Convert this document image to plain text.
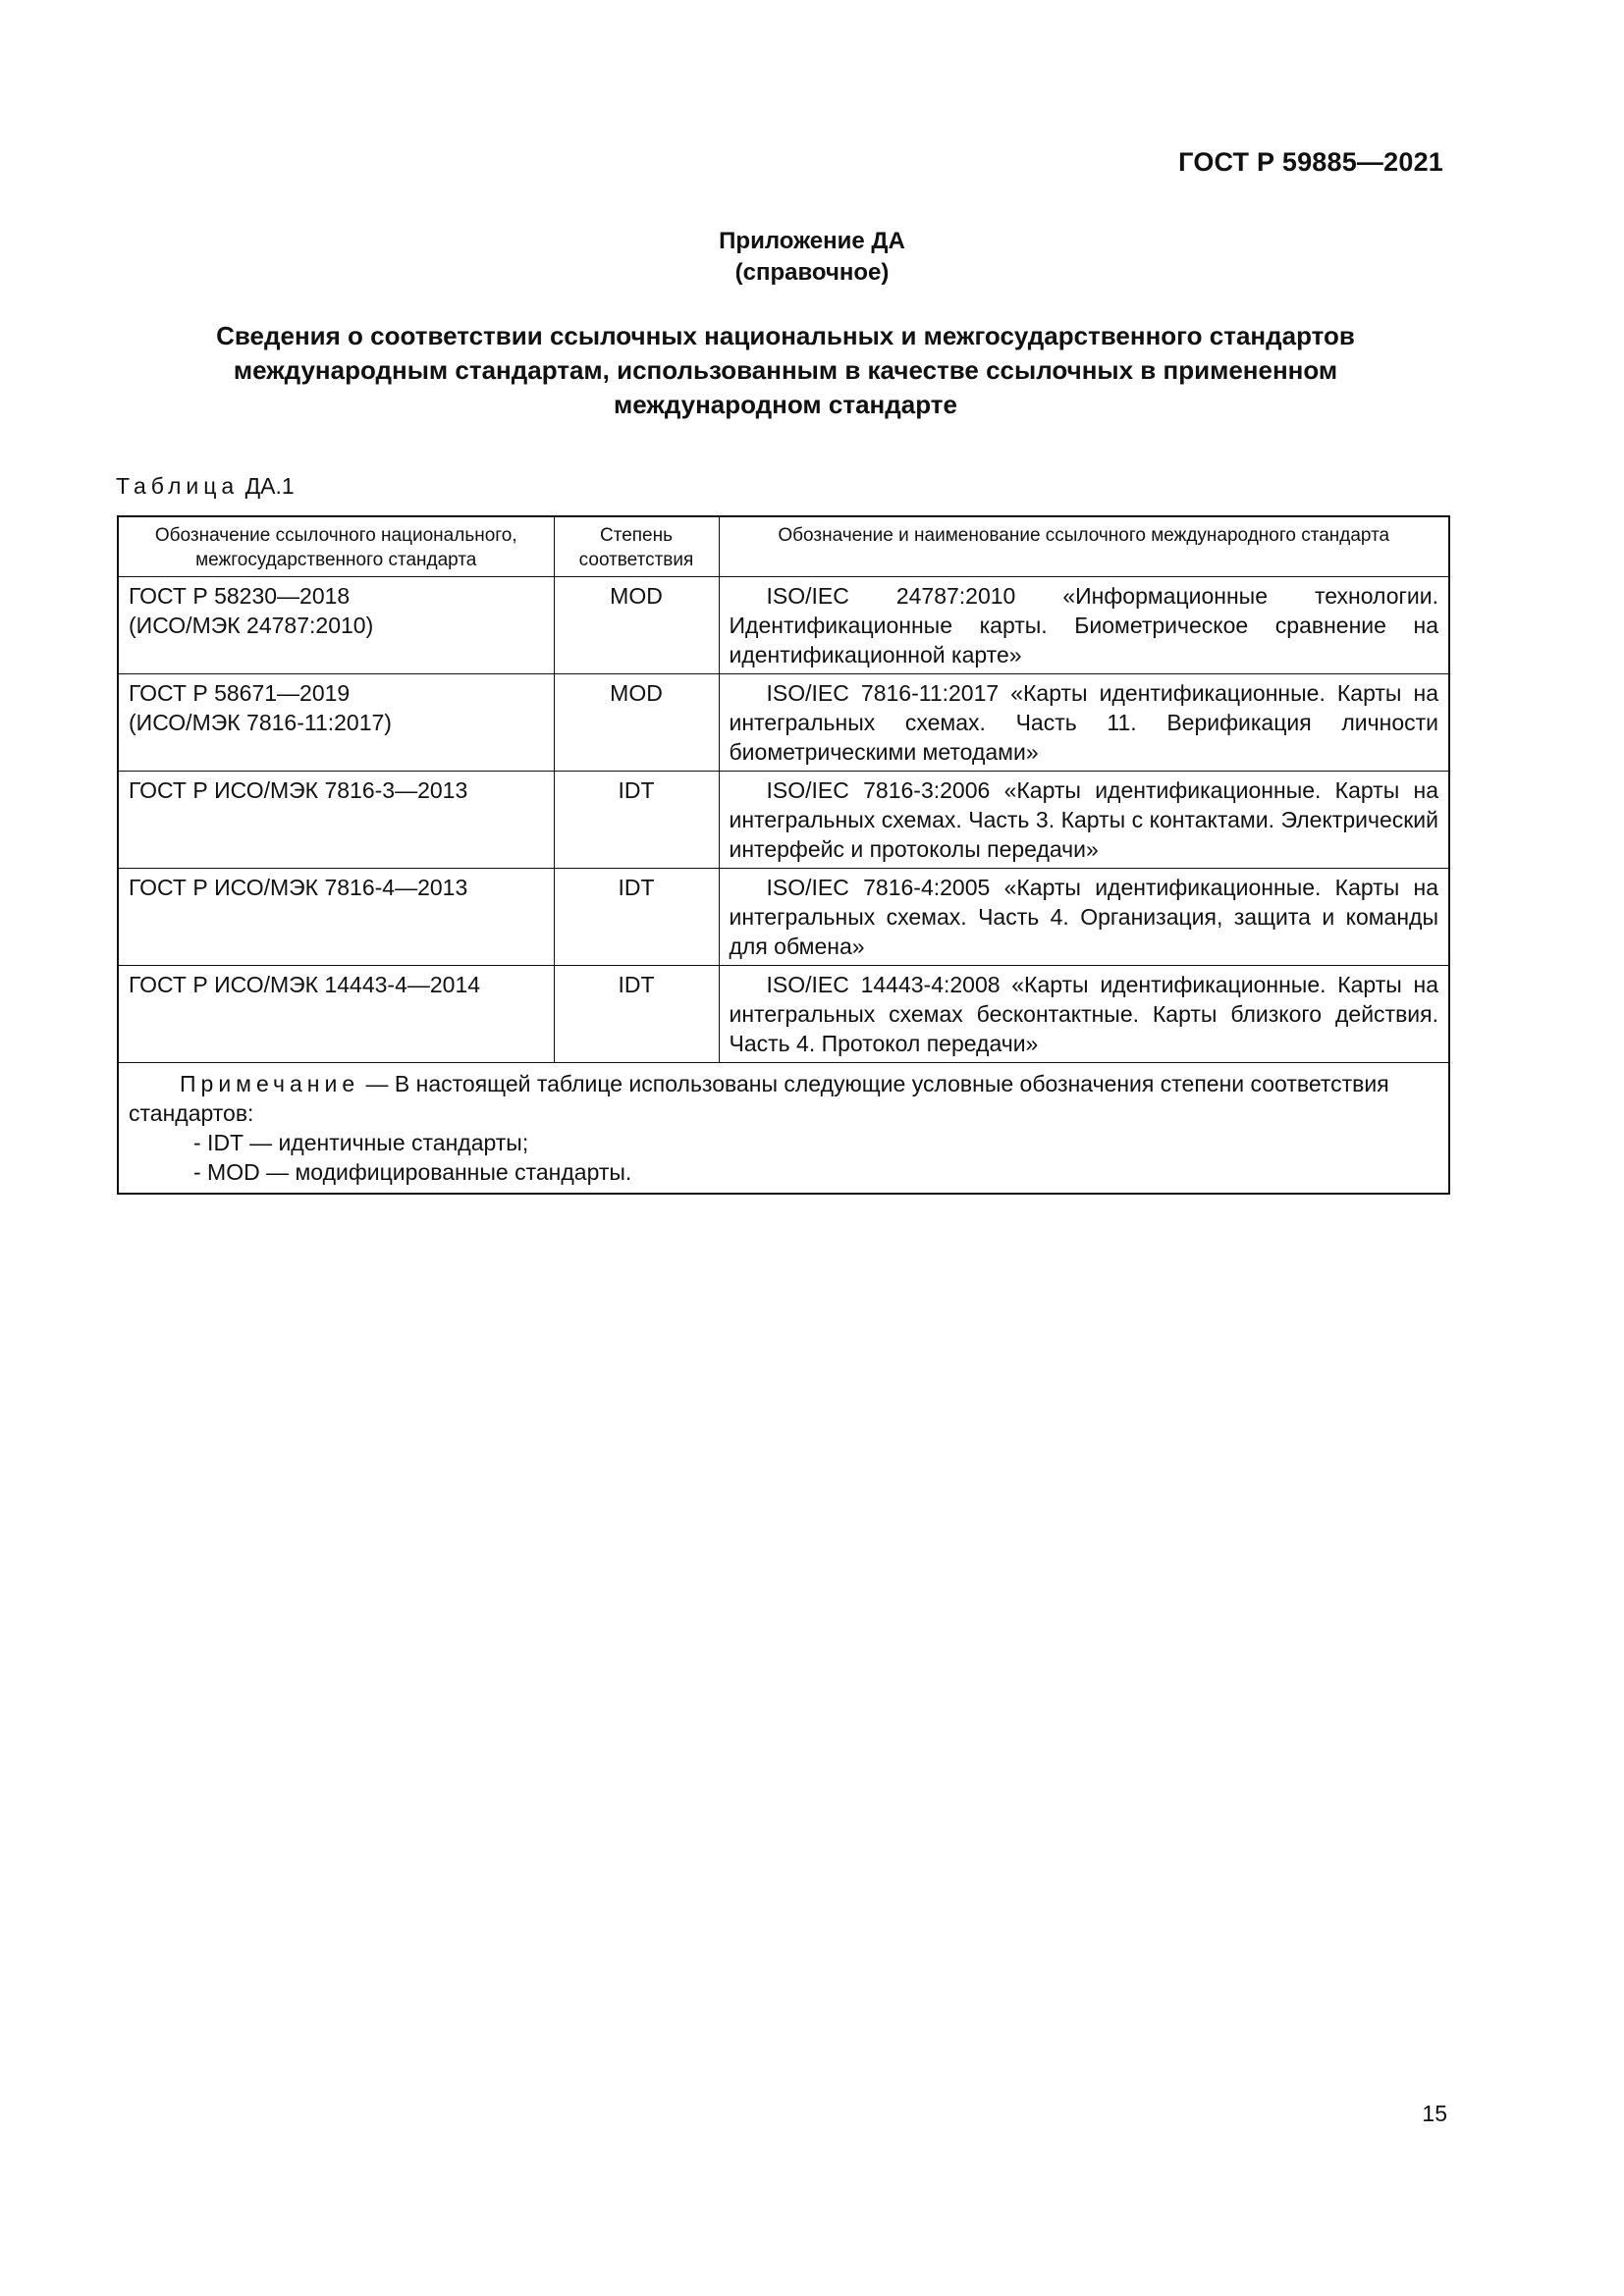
ГОСТ Р 59885—2021
Приложение ДА
(справочное)
Сведения о соответствии ссылочных национальных и межгосударственного стандартов
международным стандартам, использованным в качестве ссылочных в примененном
международном стандарте
Таблица ДА.1
Обозначение ссылочного национального, межгосударственного стандарта	Степень соответствия	Обозначение и наименование ссылочного международного стандарта

ГОСТ Р 58230—2018
(ИСО/МЭК 24787:2010)	MOD	ISO/IEC 24787:2010 «Информационные технологии. Идентификационные карты. Биометрическое сравнение на идентификационной карте»

ГОСТ Р 58671—2019
(ИСО/МЭК 7816-11:2017)	MOD	ISO/IEC 7816-11:2017 «Карты идентификационные. Карты на интегральных схемах. Часть 11. Верификация личности биометрическими методами»

ГОСТ Р ИСО/МЭК 7816-3—2013	IDT	ISO/IEC 7816-3:2006 «Карты идентификационные. Карты на интегральных схемах. Часть 3. Карты с контактами. Электрический интерфейс и протоколы передачи»

ГОСТ Р ИСО/МЭК 7816-4—2013	IDT	ISO/IEC 7816-4:2005 «Карты идентификационные. Карты на интегральных схемах. Часть 4. Организация, защита и команды для обмена»

ГОСТ Р ИСО/МЭК 14443-4—2014	IDT	ISO/IEC 14443-4:2008 «Карты идентификационные. Карты на интегральных схемах бесконтактные. Карты близкого действия. Часть 4. Протокол передачи»

Примечание — В настоящей таблице использованы следующие условные обозначения степени соответствия стандартов:
- IDT — идентичные стандарты;
- MOD — модифицированные стандарты.		
15
